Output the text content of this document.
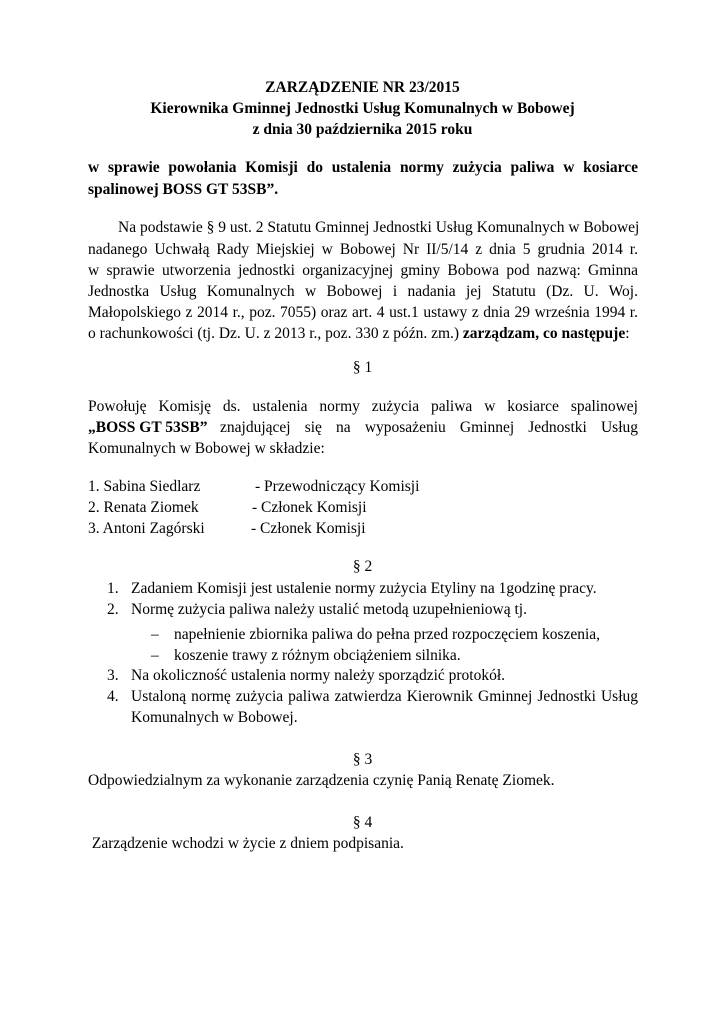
ZARZĄDZENIE NR 23/2015
Kierownika Gminnej Jednostki Usług Komunalnych w Bobowej
z dnia 30 października 2015 roku
w sprawie powołania Komisji do ustalenia normy zużycia paliwa w kosiarce
spalinowej BOSS GT 53SB”.
Na podstawie § 9 ust. 2 Statutu Gminnej Jednostki Usług Komunalnych w Bobowej
nadanego Uchwałą Rady Miejskiej w Bobowej Nr II/5/14 z dnia 5 grudnia 2014 r.
w sprawie utworzenia jednostki organizacyjnej gminy Bobowa pod nazwą: Gminna
Jednostka Usług Komunalnych w Bobowej i nadania jej Statutu (Dz. U. Woj.
Małopolskiego z 2014 r., poz. 7055) oraz art. 4 ust.1 ustawy z dnia 29 września 1994 r.
o rachunkowości (tj. Dz. U. z 2013 r., poz. 330 z późn. zm.) zarządzam, co następuje:
§ 1
Powołuję Komisję ds. ustalenia normy zużycia paliwa w kosiarce spalinowej
„BOSS GT 53SB” znajdującej się na wyposażeniu Gminnej Jednostki Usług
Komunalnych w Bobowej w składzie:
1. Sabina Siedlarz	- Przewodniczący Komisji
2. Renata Ziomek	- Członek Komisji
3. Antoni Zagórski	- Członek Komisji
§ 2
1. Zadaniem Komisji jest ustalenie normy zużycia Etyliny na 1godzinę pracy.
2. Normę zużycia paliwa należy ustalić metodą uzupełnieniową tj.
– napełnienie zbiornika paliwa do pełna przed rozpoczęciem koszenia,
– koszenie trawy z różnym obciążeniem silnika.
3. Na okoliczność ustalenia normy należy sporządzić protokół.
4. Ustaloną normę zużycia paliwa zatwierdza Kierownik Gminnej Jednostki Usług
Komunalnych w Bobowej.
§ 3
Odpowiedzialnym za wykonanie zarządzenia czynię Panią Renatę Ziomek.
§ 4
Zarządzenie wchodzi w życie z dniem podpisania.
